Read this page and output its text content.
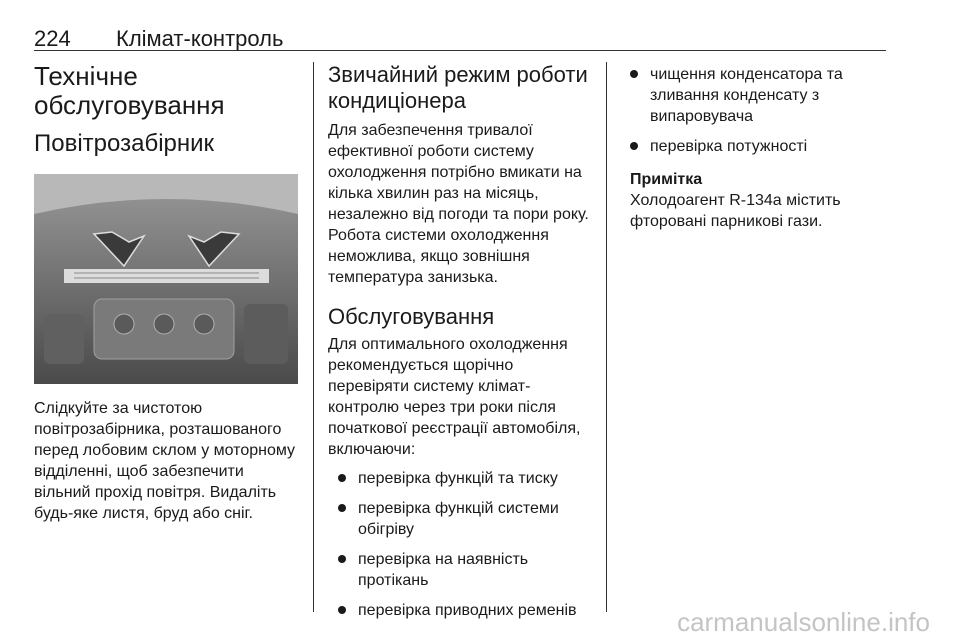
224 Клімат-контроль
Технічне обслуговування
Повітрозабірник

Слідкуйте за чистотою повітрозабірника, розташованого перед лобовим склом у моторному відділенні, щоб забезпечити вільний прохід повітря. Видаліть будь-яке листя, бруд або сніг.

Звичайний режим роботи кондиціонера

Для забезпечення тривалої ефективної роботи систему охолодження потрібно вмикати на кілька хвилин раз на місяць, незалежно від погоди та пори року. Робота системи охолодження неможлива, якщо зовнішня температура занизька.

Обслуговування

Для оптимального охолодження рекомендується щорічно перевіряти систему клімат-контролю через три роки після початкової реєстрації автомобіля, включаючи:

перевірка функцій та тиску
перевірка функцій системи обігріву
перевірка на наявність протікань
перевірка приводних ременів
чищення конденсатора та зливання конденсату з випаровувача
перевірка потужності
Примітка
Холодоагент R-134a містить фторовані парникові гази.
carmanualsonline.info
